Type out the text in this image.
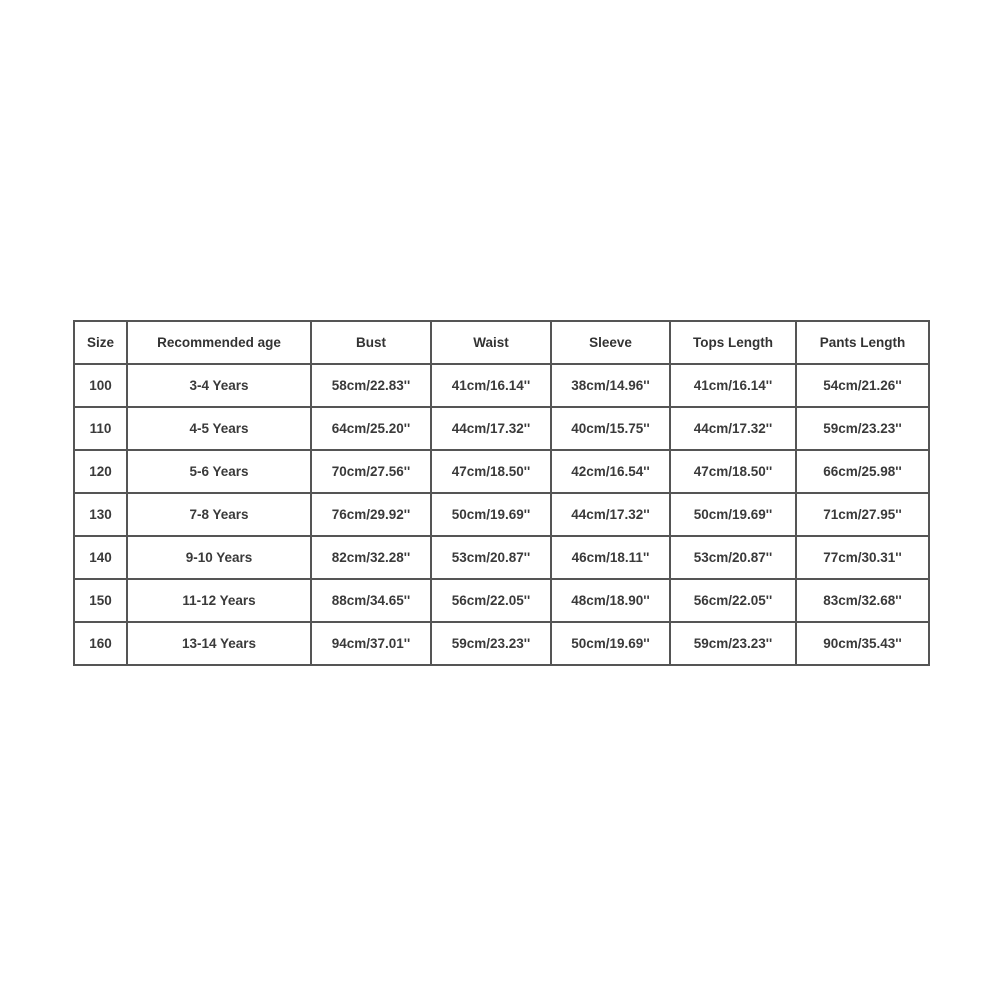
Size	Recommended age	Bust	Waist	Sleeve	Tops Length	Pants Length
100	3-4 Years	58cm/22.83''	41cm/16.14''	38cm/14.96''	41cm/16.14''	54cm/21.26''
110	4-5 Years	64cm/25.20''	44cm/17.32''	40cm/15.75''	44cm/17.32''	59cm/23.23''
120	5-6 Years	70cm/27.56''	47cm/18.50''	42cm/16.54''	47cm/18.50''	66cm/25.98''
130	7-8 Years	76cm/29.92''	50cm/19.69''	44cm/17.32''	50cm/19.69''	71cm/27.95''
140	9-10 Years	82cm/32.28''	53cm/20.87''	46cm/18.11''	53cm/20.87''	77cm/30.31''
150	11-12 Years	88cm/34.65''	56cm/22.05''	48cm/18.90''	56cm/22.05''	83cm/32.68''
160	13-14 Years	94cm/37.01''	59cm/23.23''	50cm/19.69''	59cm/23.23''	90cm/35.43''
